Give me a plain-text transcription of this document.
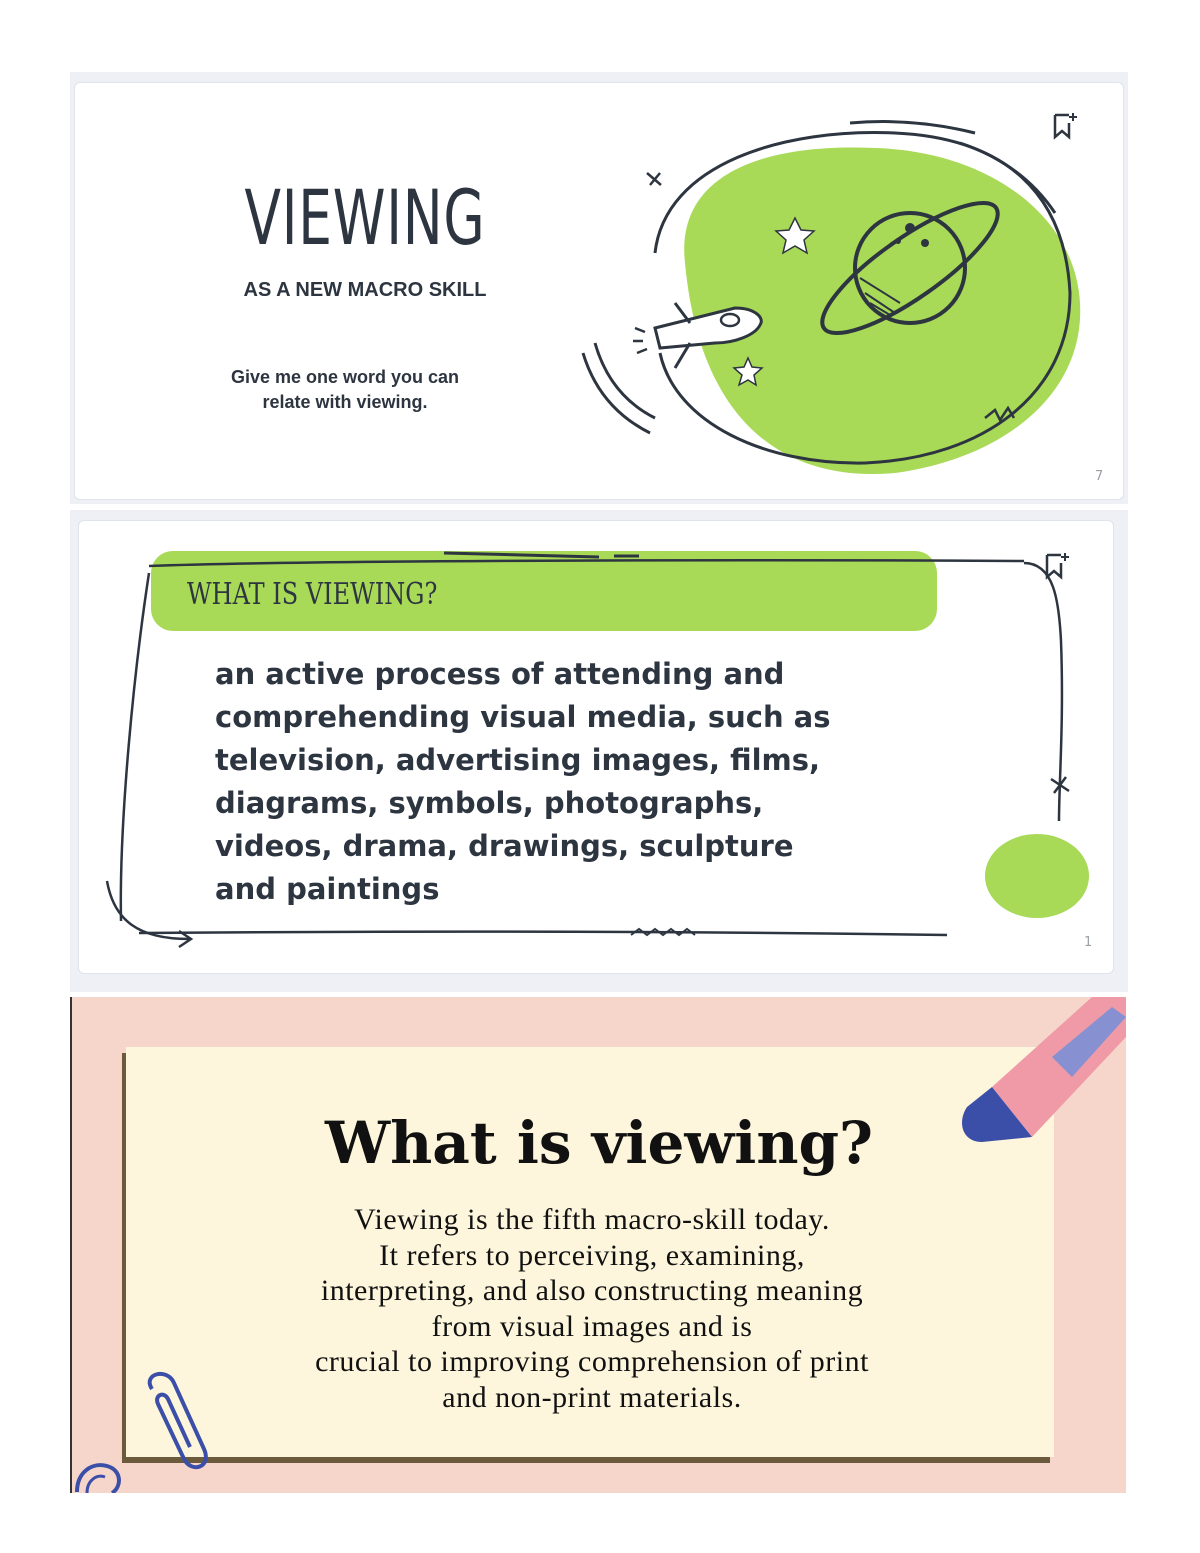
VIEWING
AS A NEW MACRO SKILL
Give me one word you can
relate with viewing.
7
WHAT IS VIEWING?
an active process of attending and
comprehending visual media, such as
television, advertising images, films,
diagrams, symbols, photographs,
videos, drama, drawings, sculpture
and paintings
1
What is viewing?
Viewing is the fifth macro-skill today.
It refers to perceiving, examining,
interpreting, and also constructing meaning
from visual images and is
crucial to improving comprehension of print
and non-print materials.
